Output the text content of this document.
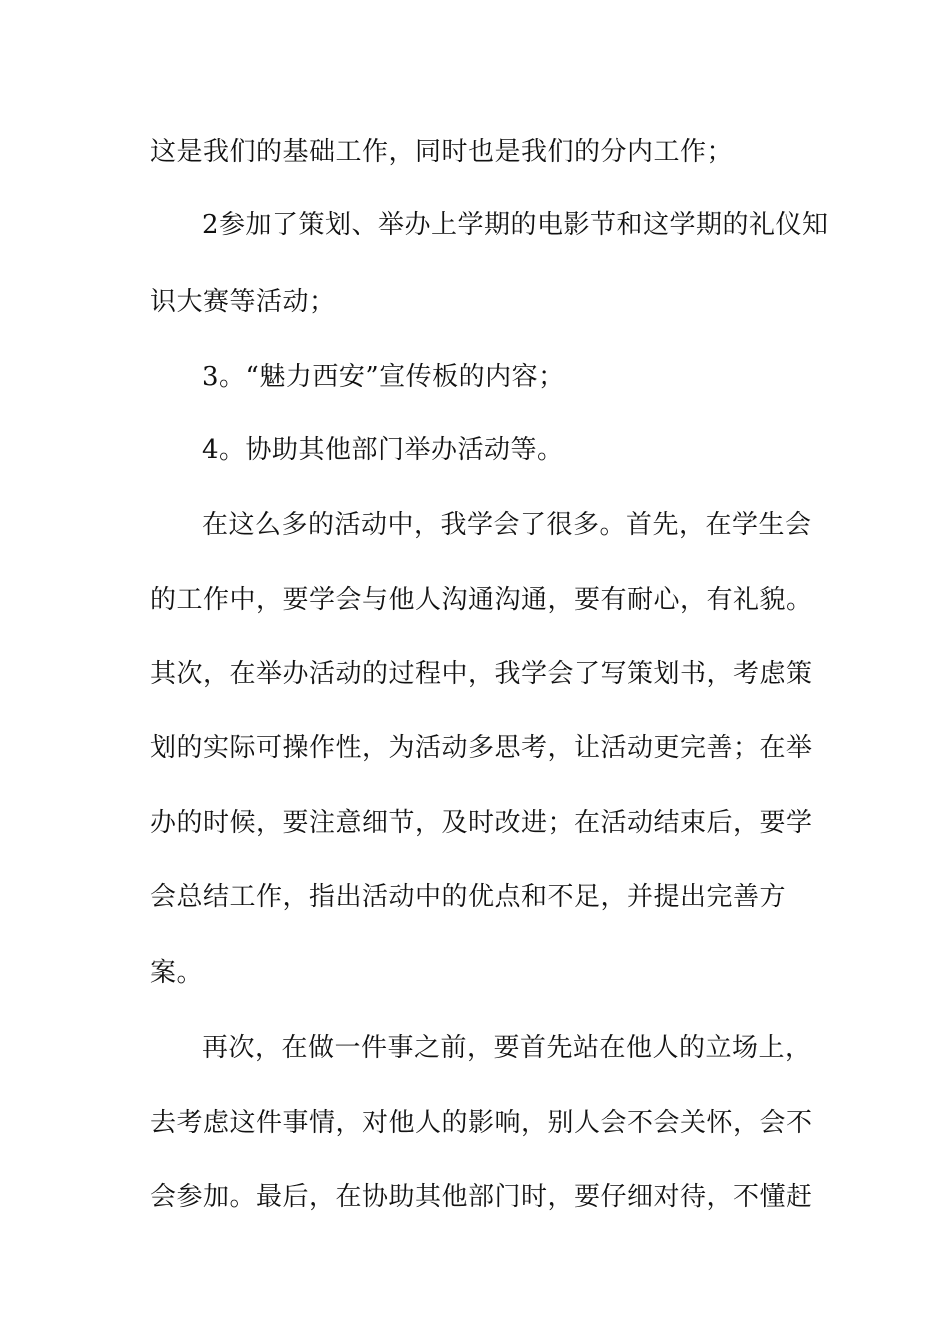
这是我们的基础工作，同时也是我们的分内工作；
2参加了策划、举办上学期的电影节和这学期的礼仪知
识大赛等活动；
3。“魅力西安”宣传板的内容；
4。协助其他部门举办活动等。
在这么多的活动中，我学会了很多。首先，在学生会
的工作中，要学会与他人沟通沟通，要有耐心，有礼貌。
其次，在举办活动的过程中，我学会了写策划书，考虑策
划的实际可操作性，为活动多思考，让活动更完善；在举
办的时候，要注意细节，及时改进；在活动结束后，要学
会总结工作，指出活动中的优点和不足，并提出完善方
案。
再次，在做一件事之前，要首先站在他人的立场上，
去考虑这件事情，对他人的影响，别人会不会关怀，会不
会参加。最后，在协助其他部门时，要仔细对待，不懂赶
